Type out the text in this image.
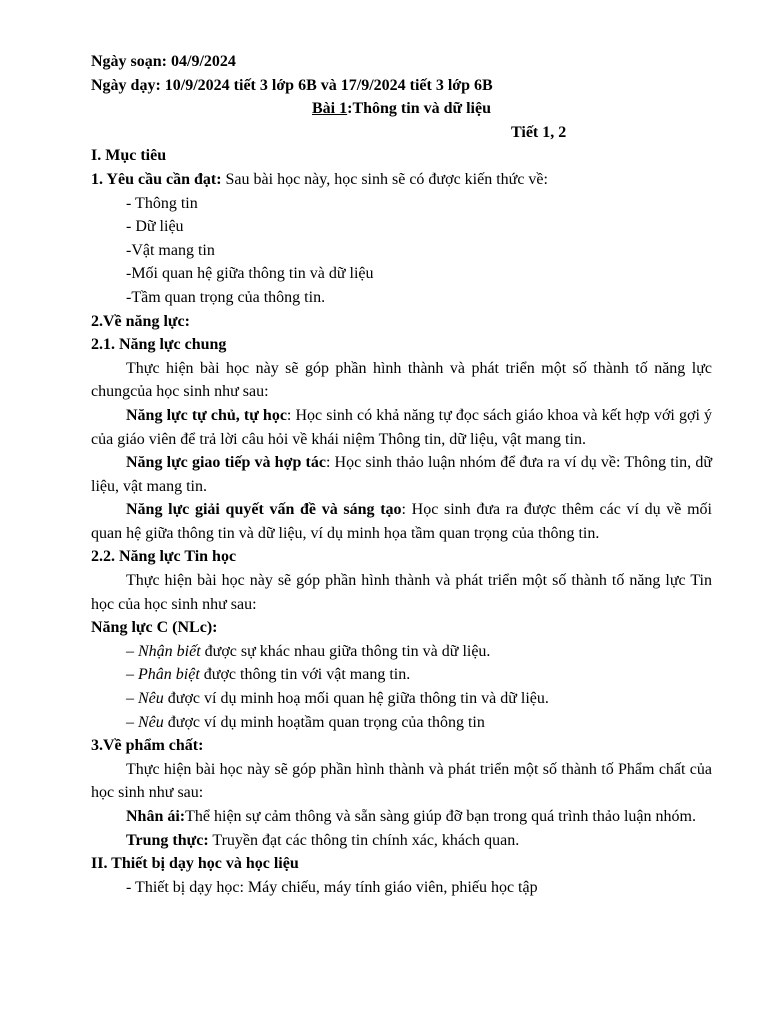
Ngày soạn: 04/9/2024

Ngày dạy: 10/9/2024 tiết 3 lớp 6B và 17/9/2024 tiết 3 lớp 6B

Bài 1:Thông tin và dữ liệu

Tiết 1, 2

I. Mục tiêu

1. Yêu cầu cần đạt: Sau bài học này, học sinh sẽ có được kiến thức về:

- Thông tin

- Dữ liệu

-Vật mang tin

-Mối quan hệ giữa thông tin và dữ liệu

-Tầm quan trọng của thông tin.

2.Về năng lực:

2.1. Năng lực chung

Thực hiện bài học này sẽ góp phần hình thành và phát triển một số thành tố năng lực chungcủa học sinh như sau:

Năng lực tự chủ, tự học: Học sinh có khả năng tự đọc sách giáo khoa và kết hợp với gợi ý của giáo viên để trả lời câu hỏi về khái niệm Thông tin, dữ liệu, vật mang tin.

Năng lực giao tiếp và hợp tác: Học sinh thảo luận nhóm để đưa ra ví dụ về: Thông tin, dữ liệu, vật mang tin.

Năng lực giải quyết vấn đề và sáng tạo: Học sinh đưa ra được thêm các ví dụ về mối quan hệ giữa thông tin và dữ liệu, ví dụ minh họa tầm quan trọng của thông tin.

2.2. Năng lực Tin học

Thực hiện bài học này sẽ góp phần hình thành và phát triển một số thành tố năng lực Tin học của học sinh như sau:

Năng lực C (NLc):

– Nhận biết được sự khác nhau giữa thông tin và dữ liệu.

– Phân biệt được thông tin với vật mang tin.

– Nêu được ví dụ minh hoạ mối quan hệ giữa thông tin và dữ liệu.

– Nêu được ví dụ minh hoạtầm quan trọng của thông tin

3.Về phẩm chất:

Thực hiện bài học này sẽ góp phần hình thành và phát triển một số thành tố Phẩm chất của học sinh như sau:

Nhân ái:Thể hiện sự cảm thông và sẵn sàng giúp đỡ bạn trong quá trình thảo luận nhóm.

Trung thực: Truyền đạt các thông tin chính xác, khách quan.

II. Thiết bị dạy học và học liệu

- Thiết bị dạy học: Máy chiếu, máy tính giáo viên, phiếu học tập
